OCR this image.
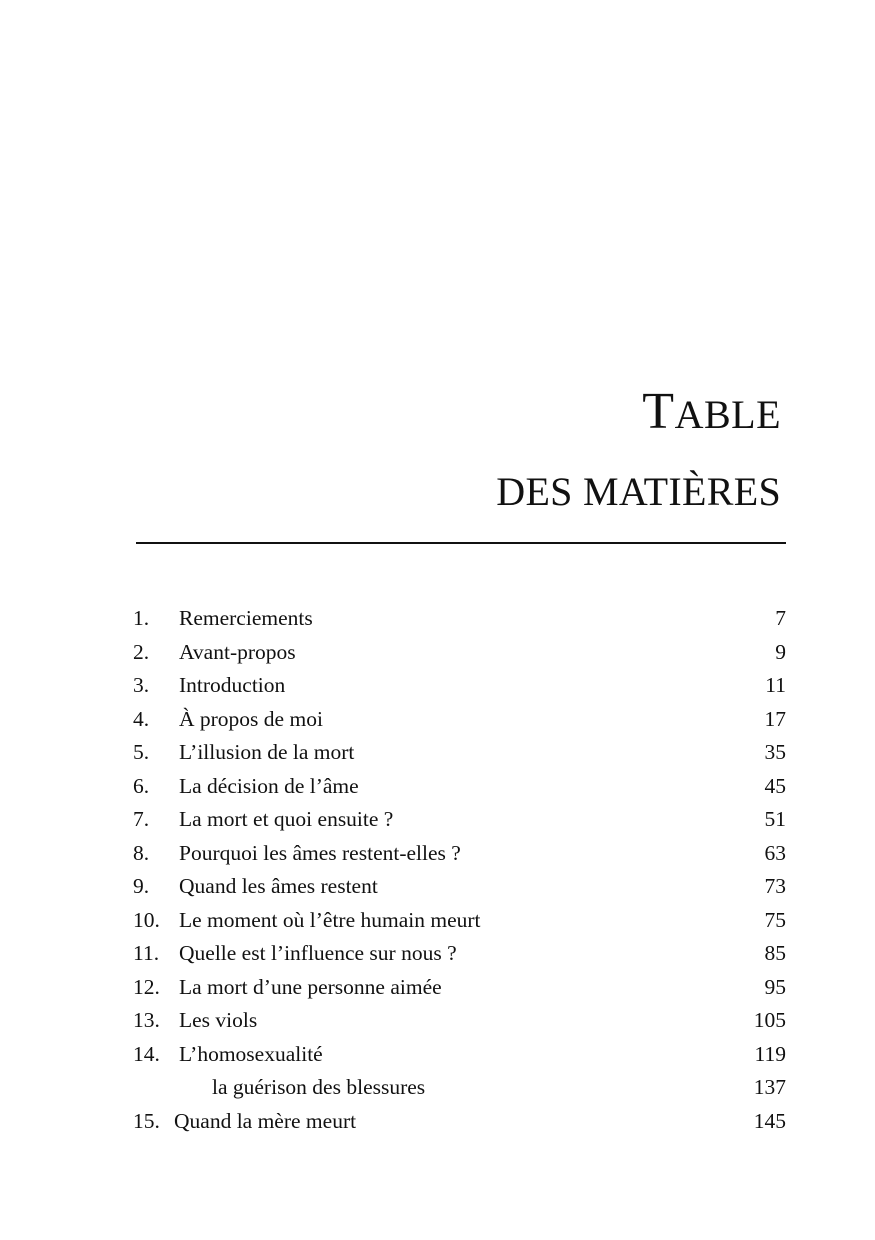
TABLE
DES MATIÈRES
1. Remerciements	7
2. Avant-propos	9
3. Introduction	11
4. À propos de moi	17
5. L’illusion de la mort	35
6. La décision de l’âme	45
7. La mort et quoi ensuite ?	51
8. Pourquoi les âmes restent-elles ?	63
9. Quand les âmes restent	73
10. Le moment où l’être humain meurt	75
11. Quelle est l’influence sur nous ?	85
12. La mort d’une personne aimée	95
13. Les viols	105
14. L’homosexualité	119
la guérison des blessures	137
15. Quand la mère meurt	145
